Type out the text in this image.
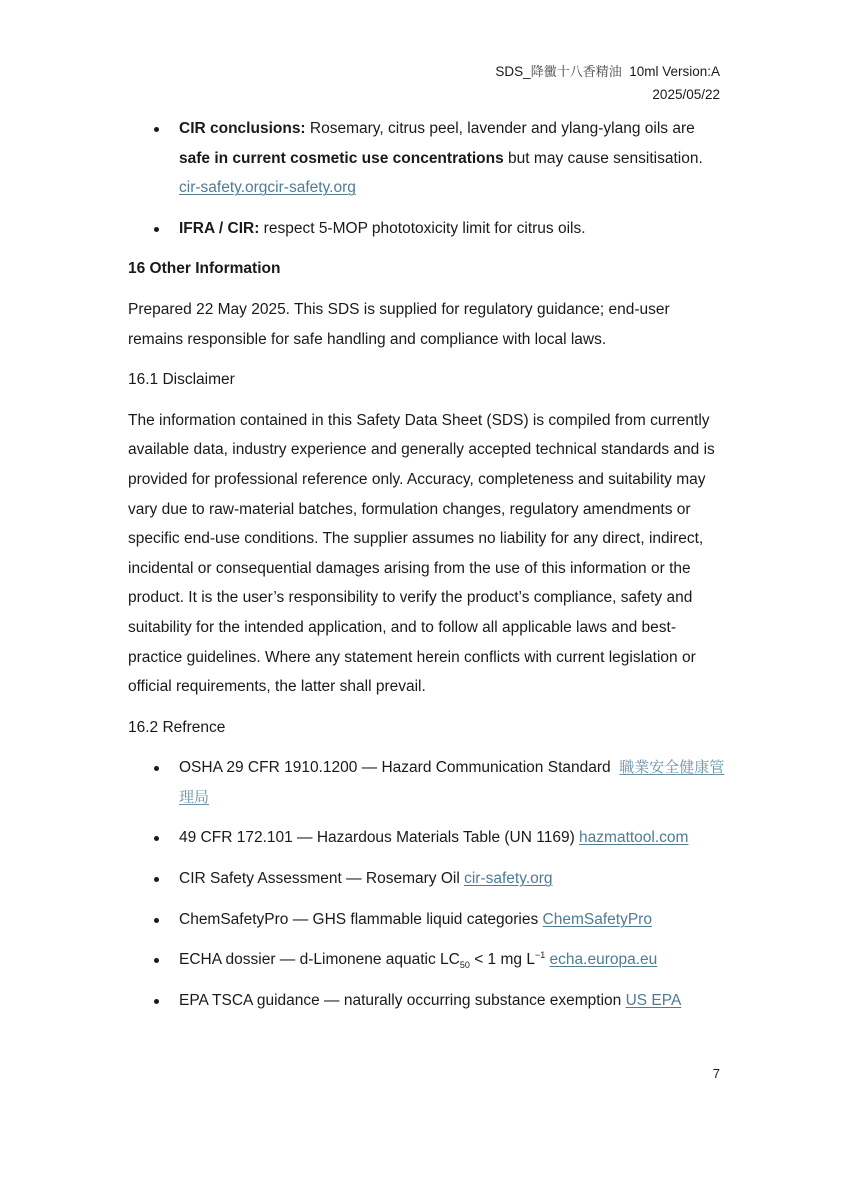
SDS_降黴十八香精油  10ml Version:A
2025/05/22
CIR conclusions: Rosemary, citrus peel, lavender and ylang-ylang oils are safe in current cosmetic use concentrations but may cause sensitisation. cir-safety.orgcir-safety.org
IFRA / CIR: respect 5-MOP phototoxicity limit for citrus oils.

16 Other Information

Prepared 22 May 2025. This SDS is supplied for regulatory guidance; end-user remains responsible for safe handling and compliance with local laws.

16.1 Disclaimer

The information contained in this Safety Data Sheet (SDS) is compiled from currently available data, industry experience and generally accepted technical standards and is provided for professional reference only. Accuracy, completeness and suitability may vary due to raw-material batches, formulation changes, regulatory amendments or specific end-use conditions. The supplier assumes no liability for any direct, indirect, incidental or consequential damages arising from the use of this information or the product. It is the user’s responsibility to verify the product’s compliance, safety and suitability for the intended application, and to follow all applicable laws and best-practice guidelines. Where any statement herein conflicts with current legislation or official requirements, the latter shall prevail.

16.2 Refrence

OSHA 29 CFR 1910.1200 — Hazard Communication Standard  職業安全健康管理局
49 CFR 172.101 — Hazardous Materials Table (UN 1169) hazmattool.com
CIR Safety Assessment — Rosemary Oil cir-safety.org
ChemSafetyPro — GHS flammable liquid categories ChemSafetyPro
ECHA dossier — d-Limonene aquatic $LC_{50} < 1$ mg $L^{-1}$ echa.europa.eu
EPA TSCA guidance — naturally occurring substance exemption US EPA
7
